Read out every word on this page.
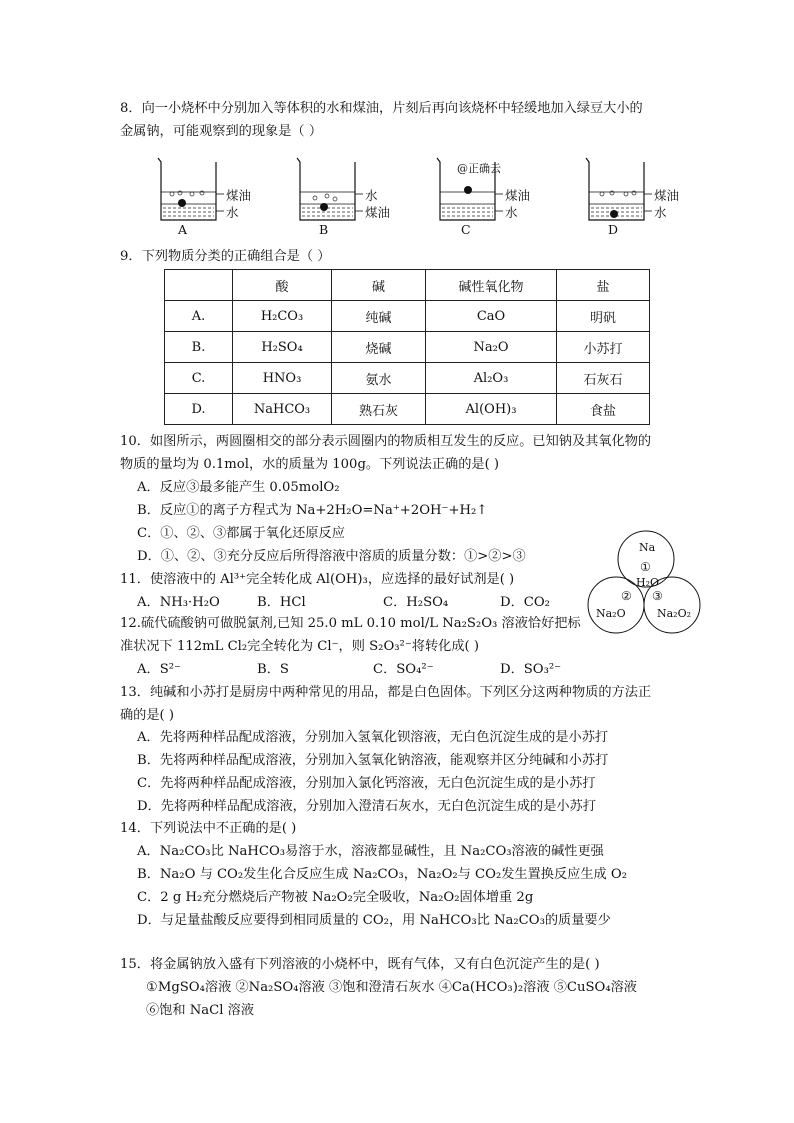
8．向一小烧杯中分别加入等体积的水和煤油，片刻后再向该烧杯中轻缓地加入绿豆大小的
金属钠，可能观察到的现象是（ ）
煤油
水
A
水
煤油
B
@正确云
煤油
水
C
煤油
水
D
9．下列物质分类的正确组合是（ ）
	酸	碱	碱性氧化物	盐
A.	H₂CO₃	纯碱	CaO	明矾
B.	H₂SO₄	烧碱	Na₂O	小苏打
C.	HNO₃	氨水	Al₂O₃	石灰石
D.	NaHCO₃	熟石灰	Al(OH)₃	食盐
10．如图所示，两圆圈相交的部分表示圆圈内的物质相互发生的反应。已知钠及其氧化物的
物质的量均为 0.1mol，水的质量为 100g。下列说法正确的是( )
A．反应③最多能产生 0.05molO₂
B．反应①的离子方程式为 Na+2H₂O=Na⁺+2OH⁻+H₂↑
C．①、②、③都属于氧化还原反应
D．①、②、③充分反应后所得溶液中溶质的质量分数：①>②>③
Na
①
H₂O
Na₂O
② ③
Na₂O₂
11．使溶液中的 Al³⁺完全转化成 Al(OH)₃，应选择的最好试剂是( )
A．NH₃·H₂O	B．HCl	C．H₂SO₄	D．CO₂
12.硫代硫酸钠可做脱氯剂,已知 25.0 mL 0.10 mol/L Na₂S₂O₃ 溶液恰好把标
准状况下 112mL Cl₂完全转化为 Cl⁻，则 S₂O₃²⁻将转化成( )
A．S²⁻	B．S	C．SO₄²⁻	D．SO₃²⁻
13．纯碱和小苏打是厨房中两种常见的用品，都是白色固体。下列区分这两种物质的方法正
确的是( )
A．先将两种样品配成溶液，分别加入氢氧化钡溶液，无白色沉淀生成的是小苏打
B．先将两种样品配成溶液，分别加入氢氧化钠溶液，能观察并区分纯碱和小苏打
C．先将两种样品配成溶液，分别加入氯化钙溶液，无白色沉淀生成的是小苏打
D．先将两种样品配成溶液，分别加入澄清石灰水，无白色沉淀生成的是小苏打
14．下列说法中不正确的是( )
A．Na₂CO₃比 NaHCO₃易溶于水，溶液都显碱性，且 Na₂CO₃溶液的碱性更强
B．Na₂O 与 CO₂发生化合反应生成 Na₂CO₃，Na₂O₂与 CO₂发生置换反应生成 O₂
C．2 g H₂充分燃烧后产物被 Na₂O₂完全吸收，Na₂O₂固体增重 2g
D．与足量盐酸反应要得到相同质量的 CO₂，用 NaHCO₃比 Na₂CO₃的质量要少
15．将金属钠放入盛有下列溶液的小烧杯中，既有气体，又有白色沉淀产生的是( )
①MgSO₄溶液 ②Na₂SO₄溶液 ③饱和澄清石灰水 ④Ca(HCO₃)₂溶液 ⑤CuSO₄溶液
⑥饱和 NaCl 溶液
